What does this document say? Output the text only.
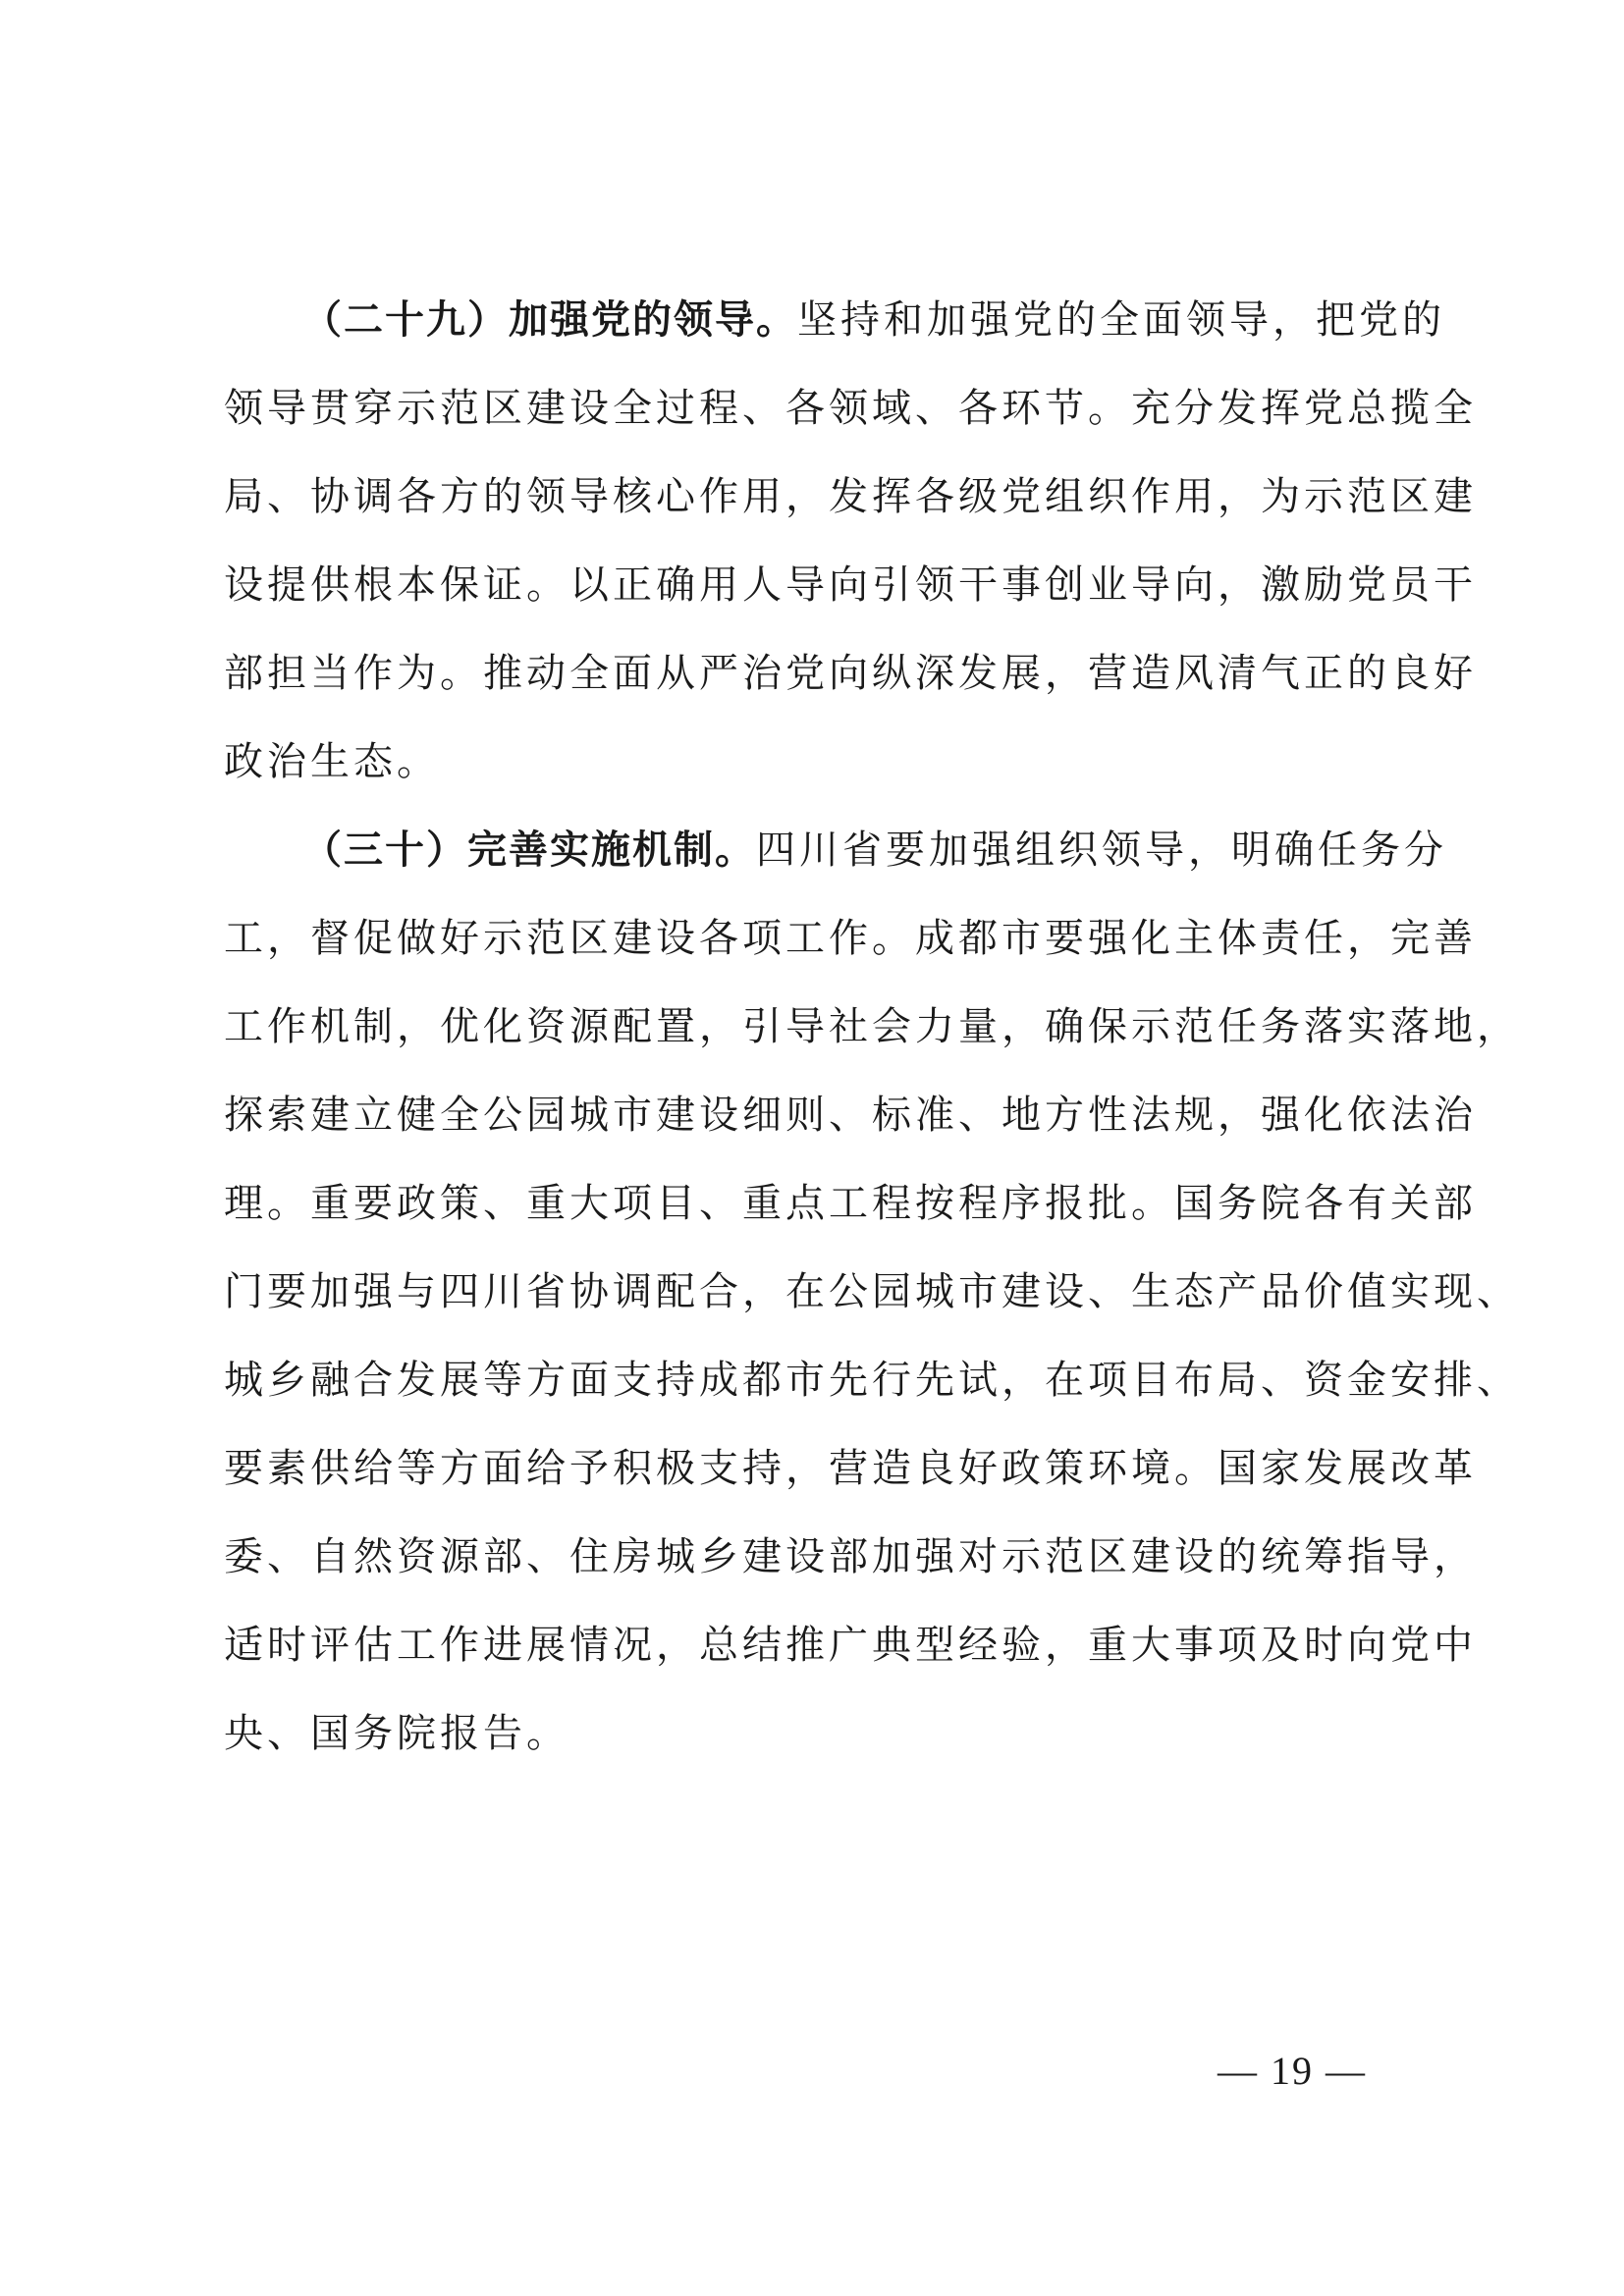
（二十九）加强党的领导。坚持和加强党的全面领导，把党的
领导贯穿示范区建设全过程、各领域、各环节。充分发挥党总揽全
局、协调各方的领导核心作用，发挥各级党组织作用，为示范区建
设提供根本保证。以正确用人导向引领干事创业导向，激励党员干
部担当作为。推动全面从严治党向纵深发展，营造风清气正的良好
政治生态。
（三十）完善实施机制。四川省要加强组织领导，明确任务分
工，督促做好示范区建设各项工作。成都市要强化主体责任，完善
工作机制，优化资源配置，引导社会力量，确保示范任务落实落地，
探索建立健全公园城市建设细则、标准、地方性法规，强化依法治
理。重要政策、重大项目、重点工程按程序报批。国务院各有关部
门要加强与四川省协调配合，在公园城市建设、生态产品价值实现、
城乡融合发展等方面支持成都市先行先试，在项目布局、资金安排、
要素供给等方面给予积极支持，营造良好政策环境。国家发展改革
委、自然资源部、住房城乡建设部加强对示范区建设的统筹指导，
适时评估工作进展情况，总结推广典型经验，重大事项及时向党中
央、国务院报告。
— 19 —
